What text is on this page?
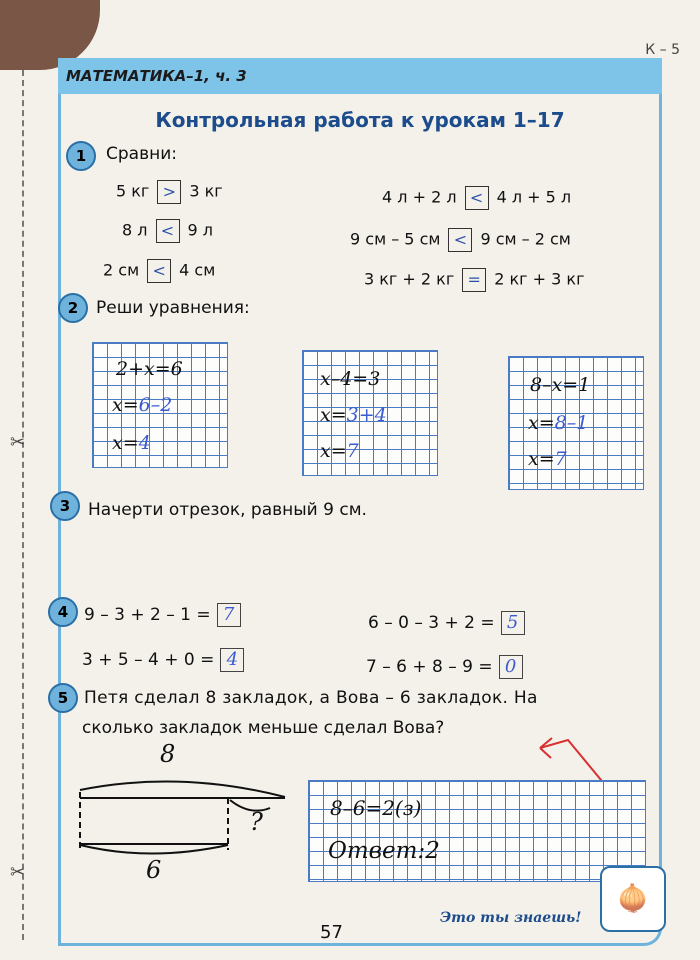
✂
✂
К – 5
МАТЕМАТИКА–1, ч. 3
Контрольная работа к урокам 1–17
1	Сравни:
5 кг > 3 кг
8 л < 9 л
2 см < 4 см
4 л + 2 л < 4 л + 5 л
9 см – 5 см < 9 см – 2 см
3 кг + 2 кг = 2 кг + 3 кг
2	Реши уравнения:
2+x=6
x=6–2
x=4
x–4=3
x=3+4
x=7
8–x=1
x=8–1
x=7
3	Начерти отрезок, равный 9 см.
4 9 – 3 + 2 – 1 = 7	6 – 0 – 3 + 2 = 5
3 + 5 – 4 + 0 = 4	7 – 6 + 8 – 9 = 0
5 Петя сделал 8 закладок, а Вова – 6 закладок. На
сколько закладок меньше сделал Вова?
8
?
6
8–6=2(з)
Ответ:2
57
Это ты знаешь!
🧅
